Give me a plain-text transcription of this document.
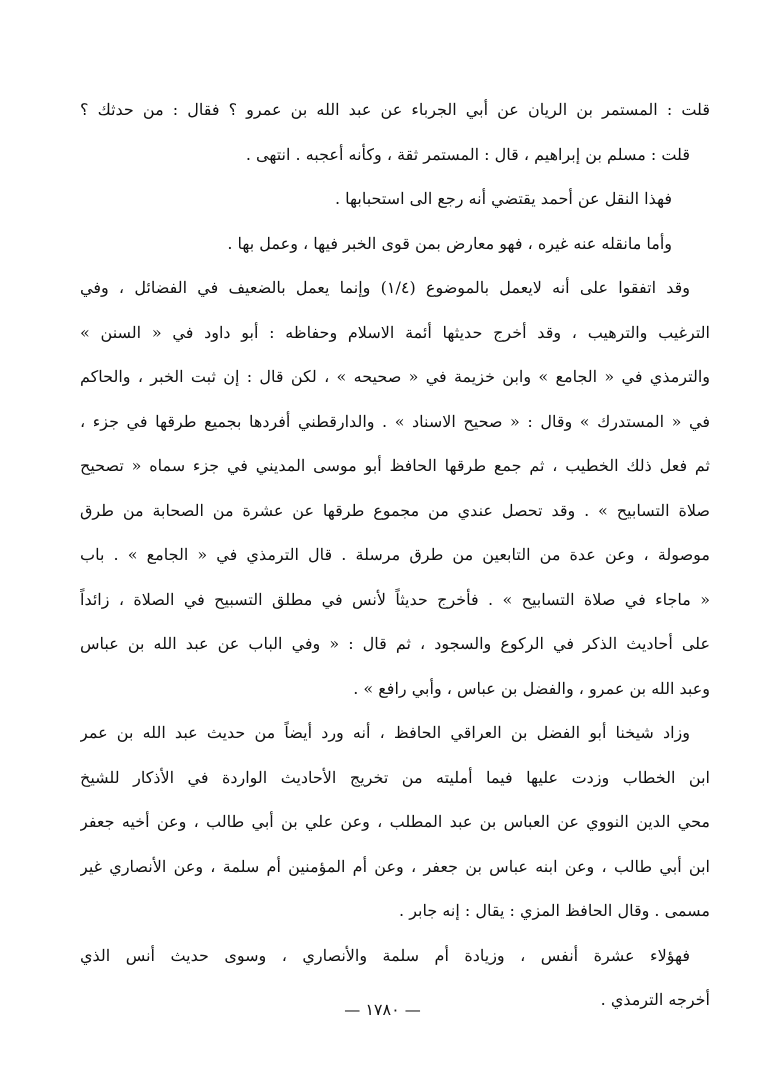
قلت : المستمر بن الريان عن أبي الجرباء عن عبد الله بن عمرو ؟ فقال : من حدثك ؟
قلت : مسلم بن إبراهيم ، قال : المستمر ثقة ، وكأنه أعجبه . انتهى .
فهذا النقل عن أحمد يقتضي أنه رجع الى استحبابها .
وأما مانقله عنه غيره ، فهو معارض بمن قوى الخبر فيها ، وعمل بها .
وقد اتفقوا على أنه لايعمل بالموضوع (١/٤) وإنما يعمل بالضعيف في الفضائل ، وفي
الترغيب والترهيب ، وقد أخرج حديثها أئمة الاسلام وحفاظه : أبو داود في « السنن »
والترمذي في « الجامع » وابن خزيمة في « صحيحه » ، لكن قال : إن ثبت الخبر ، والحاكم
في « المستدرك » وقال : « صحيح الاسناد » . والدارقطني أفردها بجميع طرقها في جزء ،
ثم فعل ذلك الخطيب ، ثم جمع طرقها الحافظ أبو موسى المديني في جزء سماه « تصحيح
صلاة التسابيح » . وقد تحصل عندي من مجموع طرقها عن عشرة من الصحابة من طرق
موصولة ، وعن عدة من التابعين من طرق مرسلة . قال الترمذي في « الجامع » . باب
« ماجاء في صلاة التسابيح » . فأخرج حديثاً لأنس في مطلق التسبيح في الصلاة ، زائداً
على أحاديث الذكر في الركوع والسجود ، ثم قال : « وفي الباب عن عبد الله بن عباس
وعبد الله بن عمرو ، والفضل بن عباس ، وأبي رافع » .
وزاد شيخنا أبو الفضل بن العراقي الحافظ ، أنه ورد أيضاً من حديث عبد الله بن عمر
ابن الخطاب وزدت عليها فيما أمليته من تخريج الأحاديث الواردة في الأذكار للشيخ
محي الدين النووي عن العباس بن عبد المطلب ، وعن علي بن أبي طالب ، وعن أخيه جعفر
ابن أبي طالب ، وعن ابنه عباس بن جعفر ، وعن أم المؤمنين أم سلمة ، وعن الأنصاري غير
مسمى . وقال الحافظ المزي : يقال : إنه جابر .
فهؤلاء عشرة أنفس ، وزيادة أم سلمة والأنصاري ، وسوى حديث أنس الذي
أخرجه الترمذي .
— ١٧٨٠ —
